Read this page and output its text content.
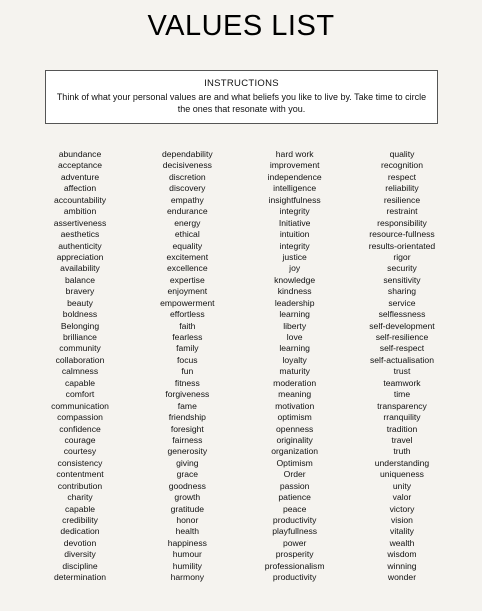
VALUES LIST
INSTRUCTIONS
Think of what your personal values are and what beliefs you like to live by. Take time to circle the ones that resonate with you.
abundance
acceptance
adventure
affection
accountability
ambition
assertiveness
aesthetics
authenticity
appreciation
availability
balance
bravery
beauty
boldness
Belonging
brilliance
community
collaboration
calmness
capable
comfort
communication
compassion
confidence
courage
courtesy
consistency
contentment
contribution
charity
capable
credibility
dedication
devotion
diversity
discipline
determination
dependability
decisiveness
discretion
discovery
empathy
endurance
energy
ethical
equality
excitement
excellence
expertise
enjoyment
empowerment
effortless
faith
fearless
family
focus
fun
fitness
forgiveness
fame
friendship
foresight
fairness
generosity
giving
grace
goodness
growth
gratitude
honor
health
happiness
humour
humility
harmony
hard work
improvement
independence
intelligence
insightfulness
integrity
Initiative
intuition
integrity
justice
joy
knowledge
kindness
leadership
learning
liberty
love
learning
loyalty
maturity
moderation
meaning
motivation
optimism
openness
originality
organization
Optimism
Order
passion
patience
peace
productivity
playfullness
power
prosperity
professionalism
productivity
quality
recognition
respect
reliability
resilience
restraint
responsibility
resource-fullness
results-orientated
rigor
security
sensitivity
sharing
service
selflessness
self-development
self-resilience
self-respect
self-actualisation
trust
teamwork
time
transparency
rranquility
tradition
travel
truth
understanding
uniqueness
unity
valor
victory
vision
vitality
wealth
wisdom
winning
wonder
